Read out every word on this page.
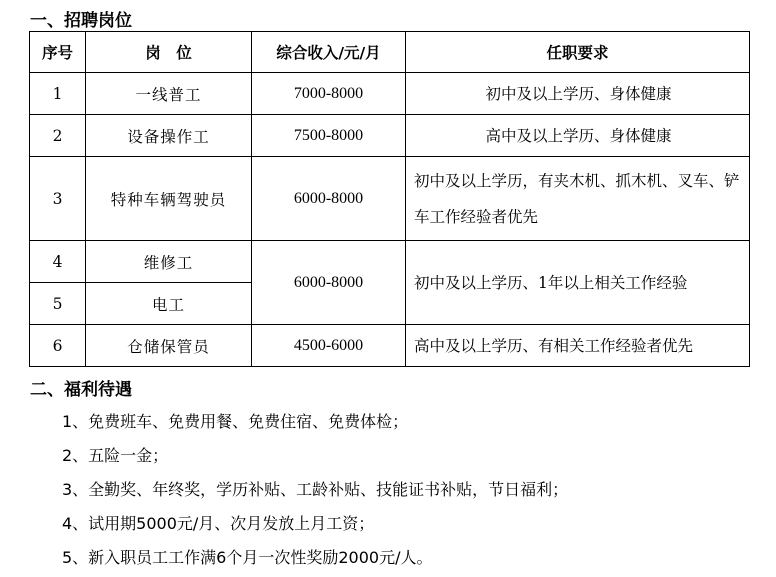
一、招聘岗位
序号	岗　位	综合收入/元/月	任职要求
1	一线普工	7000-8000	初中及以上学历、身体健康
2	设备操作工	7500-8000	高中及以上学历、身体健康
3	特种车辆驾驶员	6000-8000	初中及以上学历，有夹木机、抓木机、叉车、铲车工作经验者优先
4	维修工	6000-8000	初中及以上学历、1年以上相关工作经验
5	电工		
6	仓储保管员	4500-6000	高中及以上学历、有相关工作经验者优先
二、福利待遇
1、免费班车、免费用餐、免费住宿、免费体检；
2、五险一金；
3、全勤奖、年终奖，学历补贴、工龄补贴、技能证书补贴，节日福利；
4、试用期5000元/月、次月发放上月工资；
5、新入职员工工作满6个月一次性奖励2000元/人。
